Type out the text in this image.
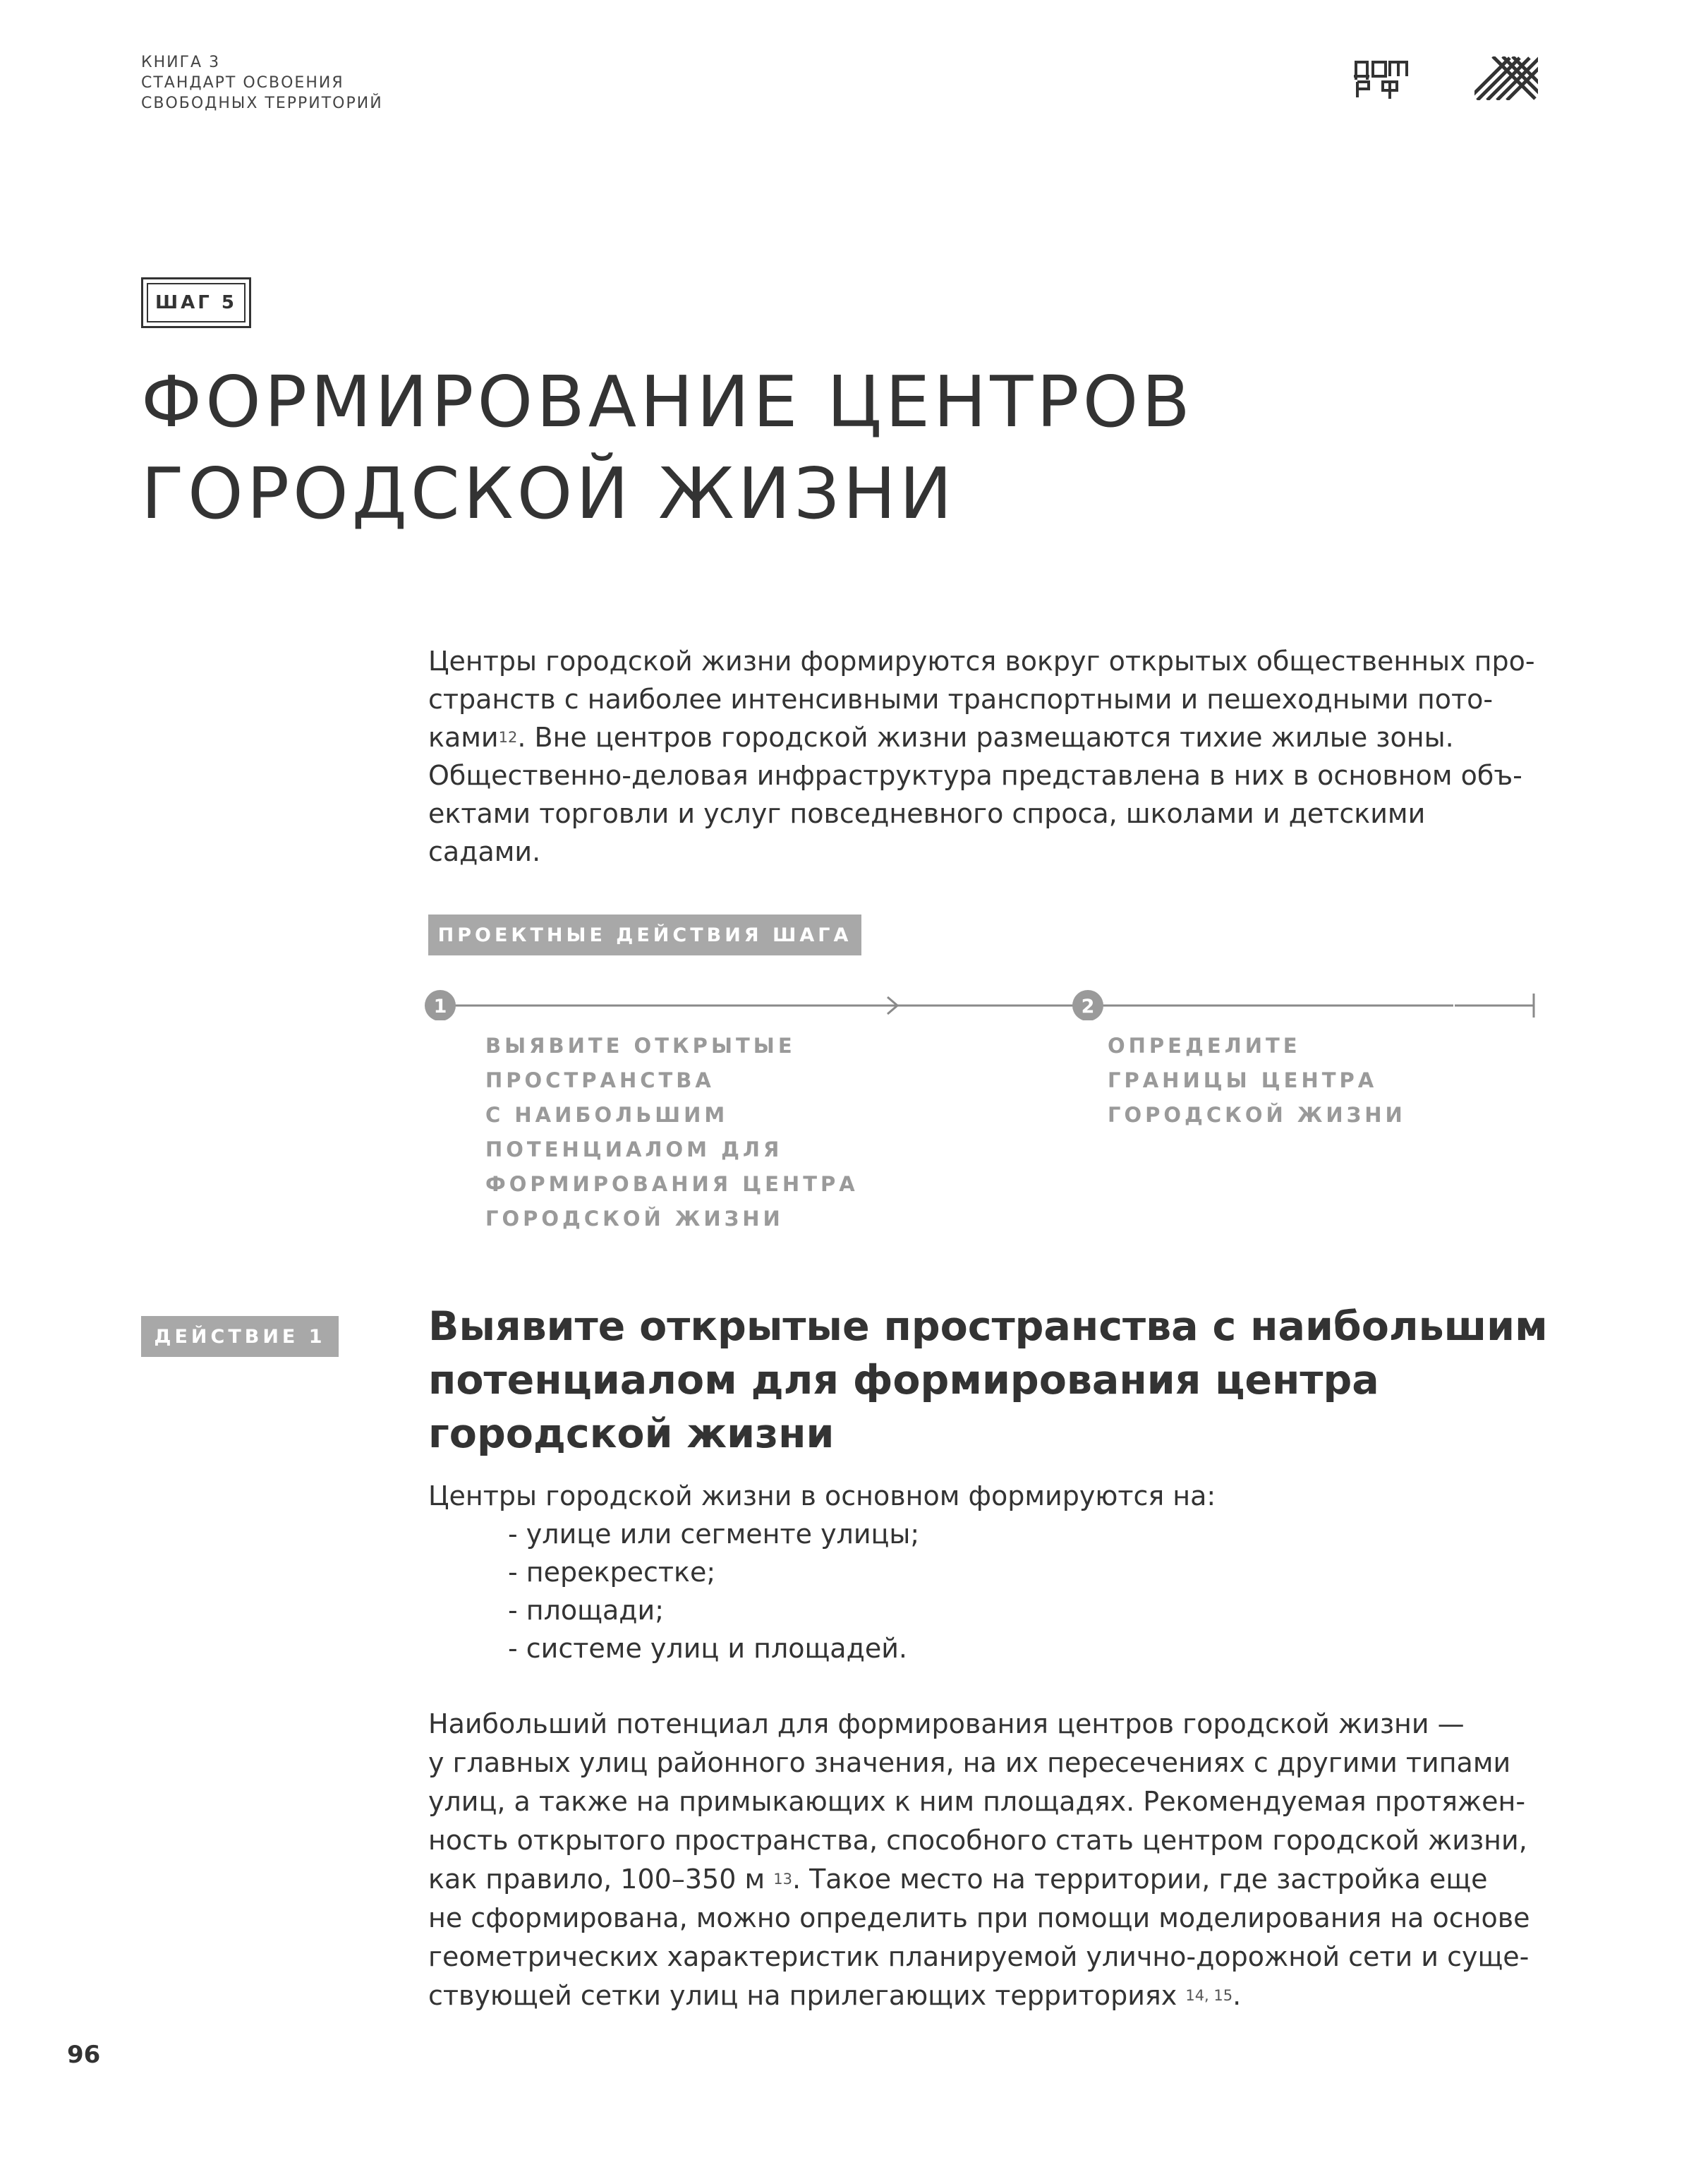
КНИГА 3
СТАНДАРТ ОСВОЕНИЯ
СВОБОДНЫХ ТЕРРИТОРИЙ
ШАГ 5
ФОРМИРОВАНИЕ ЦЕНТРОВ
ГОРОДСКОЙ ЖИЗНИ

Центры городской жизни формируются вокруг открытых общественных про-

странств с наиболее интенсивными транспортными и пешеходными пото-

ками$^{12}$. Вне центров городской жизни размещаются тихие жилые зоны.

Общественно-деловая инфраструктура представлена в них в основном объ-

ектами торговли и услуг повседневного спроса, школами и детскими садами.

ПРОЕКТНЫЕ ДЕЙСТВИЯ ШАГА
1	2
ВЫЯВИТЕ ОТКРЫТЫЕ
ПРОСТРАНСТВА
С НАИБОЛЬШИМ
ПОТЕНЦИАЛОМ ДЛЯ
ФОРМИРОВАНИЯ ЦЕНТРА
ГОРОДСКОЙ ЖИЗНИ
ОПРЕДЕЛИТЕ
ГРАНИЦЫ ЦЕНТРА
ГОРОДСКОЙ ЖИЗНИ
ДЕЙСТВИЕ 1	Выявите открытые пространства с наибольшим
потенциалом для формирования центра
городской жизни
Центры городской жизни в основном формируются на:
- улице или сегменте улицы;
- перекрестке;
- площади;
- системе улиц и площадей.

Наибольший потенциал для формирования центров городской жизни —

у главных улиц районного значения, на их пересечениях с другими типами

улиц, а также на примыкающих к ним площадях. Рекомендуемая протяжен-

ность открытого пространства, способного стать центром городской жизни,

как правило, 100–350 м $^{13}$. Такое место на территории, где застройка еще

не сформирована, можно определить при помощи моделирования на основе

геометрических характеристик планируемой улично-дорожной сети и суще-

ствующей сетки улиц на прилегающих территориях $^{14, 15}$.

96
